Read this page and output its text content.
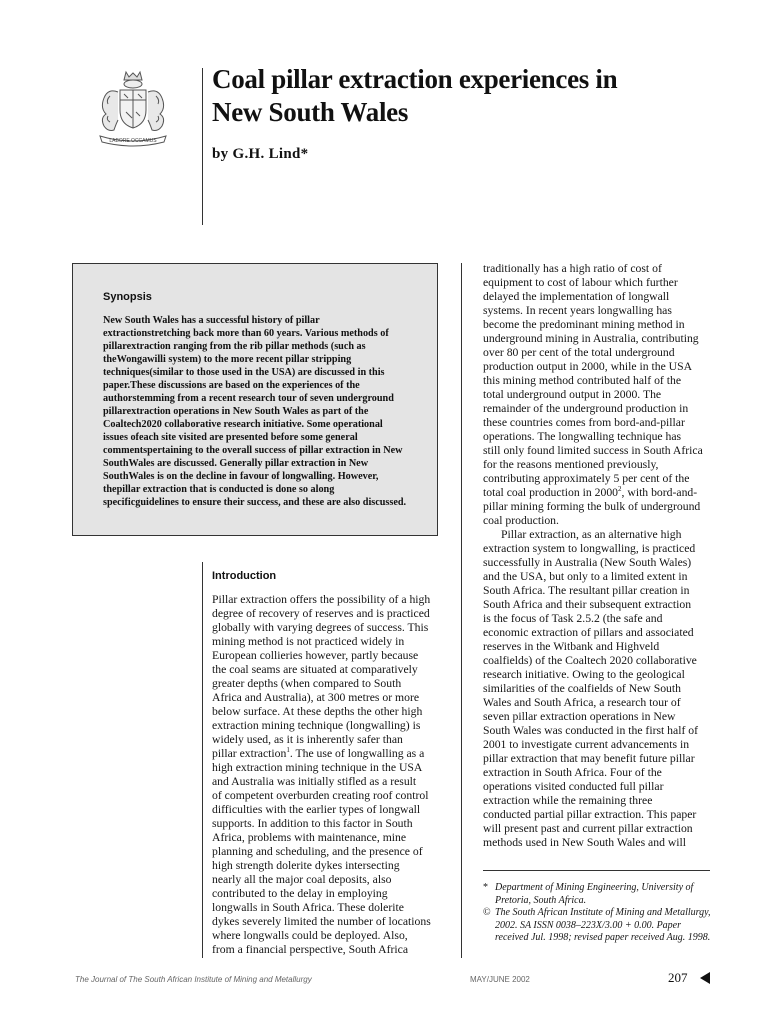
LABORE OCCAMUS
Coal pillar extraction experiences in
New South Wales
by G.H. Lind*
Synopsis
New South Wales has a successful history of pillar extractionstretching back more than 60 years. Various methods of pillarextraction ranging from the rib pillar methods (such as theWongawilli system) to the more recent pillar stripping techniques(similar to those used in the USA) are discussed in this paper.These discussions are based on the experiences of the authorstemming from a recent research tour of seven underground pillarextraction operations in New South Wales as part of the Coaltech2020 collaborative research initiative. Some operational issues ofeach site visited are presented before some general commentspertaining to the overall success of pillar extraction in New SouthWales are discussed. Generally pillar extraction in New SouthWales is on the decline in favour of longwalling. However, thepillar extraction that is conducted is done so along specificguidelines to ensure their success, and these are also discussed.
Introduction
Pillar extraction offers the possibility of a high
degree of recovery of reserves and is practiced
globally with varying degrees of success. This
mining method is not practiced widely in
European collieries however, partly because
the coal seams are situated at comparatively
greater depths (when compared to South
Africa and Australia), at 300 metres or more
below surface. At these depths the other high
extraction mining technique (longwalling) is
widely used, as it is inherently safer than
pillar extraction$^1$. The use of longwalling as a
high extraction mining technique in the USA
and Australia was initially stifled as a result
of competent overburden creating roof control
difficulties with the earlier types of longwall
supports. In addition to this factor in South
Africa, problems with maintenance, mine
planning and scheduling, and the presence of
high strength dolerite dykes intersecting
nearly all the major coal deposits, also
contributed to the delay in employing
longwalls in South Africa. These dolerite
dykes severely limited the number of locations
where longwalls could be deployed. Also,
from a financial perspective, South Africa
traditionally has a high ratio of cost of
equipment to cost of labour which further
delayed the implementation of longwall
systems. In recent years longwalling has
become the predominant mining method in
underground mining in Australia, contributing
over 80 per cent of the total underground
production output in 2000, while in the USA
this mining method contributed half of the
total underground output in 2000. The
remainder of the underground production in
these countries comes from bord-and-pillar
operations. The longwalling technique has
still only found limited success in South Africa
for the reasons mentioned previously,
contributing approximately 5 per cent of the
total coal production in 2000$^2$, with bord-and-
pillar mining forming the bulk of underground
coal production.
Pillar extraction, as an alternative high
extraction system to longwalling, is practiced
successfully in Australia (New South Wales)
and the USA, but only to a limited extent in
South Africa. The resultant pillar creation in
South Africa and their subsequent extraction
is the focus of Task 2.5.2 (the safe and
economic extraction of pillars and associated
reserves in the Witbank and Highveld
coalfields) of the Coaltech 2020 collaborative
research initiative. Owing to the geological
similarities of the coalfields of New South
Wales and South Africa, a research tour of
seven pillar extraction operations in New
South Wales was conducted in the first half of
2001 to investigate current advancements in
pillar extraction that may benefit future pillar
extraction in South Africa. Four of the
operations visited conducted full pillar
extraction while the remaining three
conducted partial pillar extraction. This paper
will present past and current pillar extraction
methods used in New South Wales and will
* Department of Mining Engineering, University of Pretoria, South Africa.
© The South African Institute of Mining and Metallurgy, 2002. SA ISSN 0038–223X/3.00 + 0.00. Paper received Jul. 1998; revised paper received Aug. 1998.
The Journal of The South African Institute of Mining and Metallurgy	MAY/JUNE 2002	207
